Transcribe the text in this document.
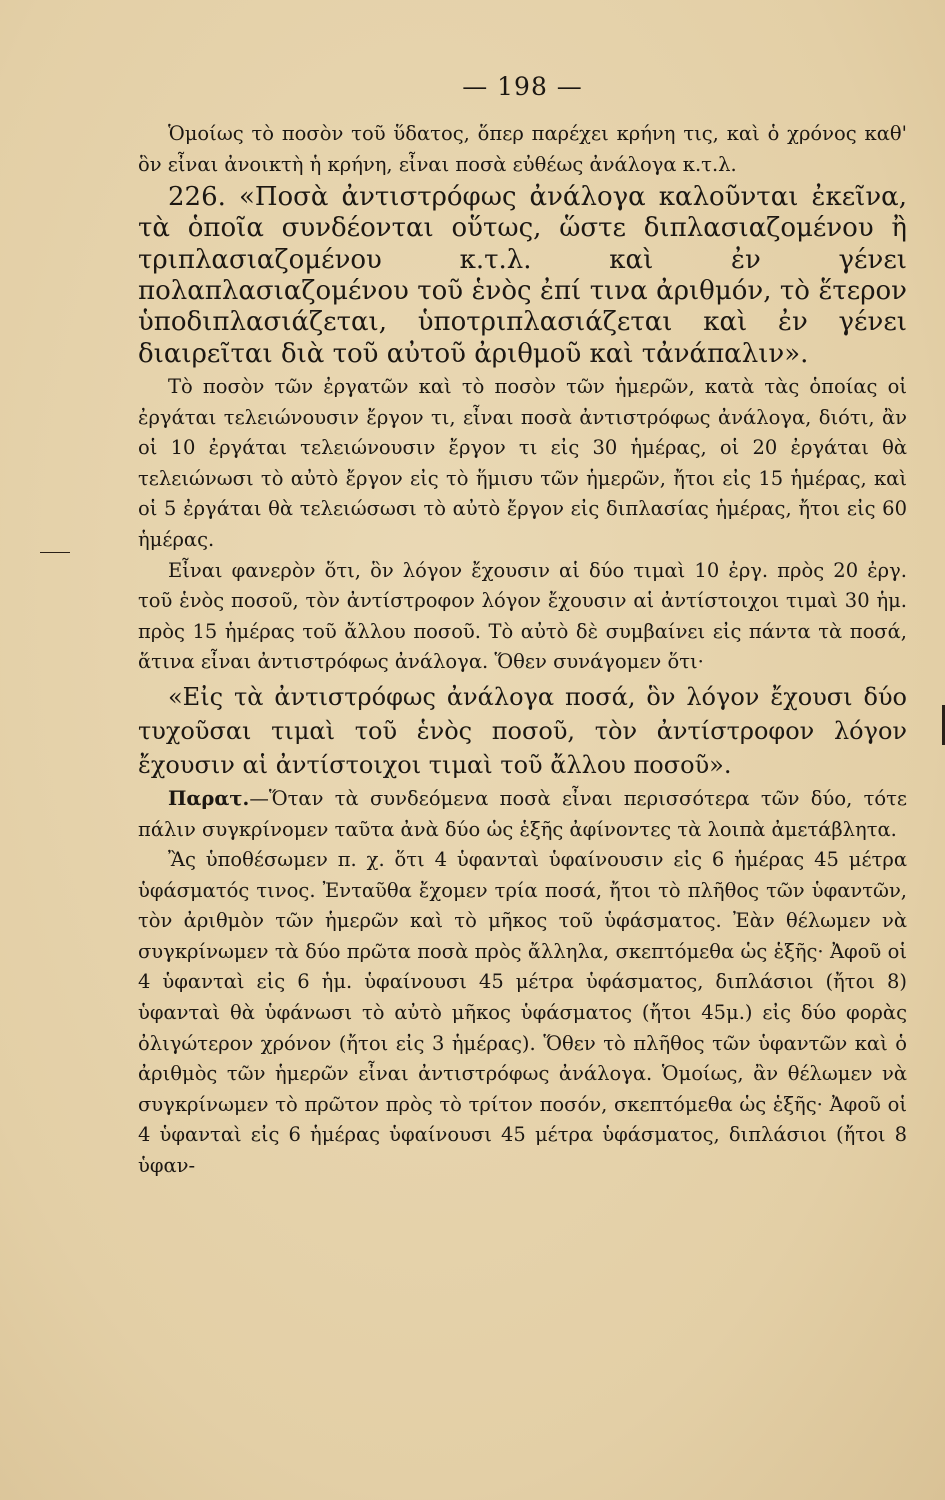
— 198 —

Ὁμοίως τὸ ποσὸν τοῦ ὕδατος, ὅπερ παρέχει κρήνη τις, καὶ ὁ χρόνος καθ' ὃν εἶναι ἀνοικτὴ ἡ κρήνη, εἶναι ποσὰ εὐθέως ἀνάλογα κ.τ.λ.

226. «Ποσὰ ἀντιστρόφως ἀνάλογα καλοῦνται ἐκεῖνα, τὰ ὁποῖα συνδέονται οὕτως, ὥστε διπλασιαζομένου ἢ τριπλασιαζομένου κ.τ.λ. καὶ ἐν γένει πολαπλασιαζομένου τοῦ ἑνὸς ἐπί τινα ἀριθμόν, τὸ ἕτερον ὑποδιπλασιάζεται, ὑποτριπλασιάζεται καὶ ἐν γένει διαιρεῖται διὰ τοῦ αὐτοῦ ἀριθμοῦ καὶ τἀνάπαλιν».

Τὸ ποσὸν τῶν ἐργατῶν καὶ τὸ ποσὸν τῶν ἡμερῶν, κατὰ τὰς ὁποίας οἱ ἐργάται τελειώνουσιν ἔργον τι, εἶναι ποσὰ ἀντιστρόφως ἀνάλογα, διότι, ἂν οἱ 10 ἐργάται τελειώνουσιν ἔργον τι εἰς 30 ἡμέρας, οἱ 20 ἐργάται θὰ τελειώνωσι τὸ αὐτὸ ἔργον εἰς τὸ ἥμισυ τῶν ἡμερῶν, ἤτοι εἰς 15 ἡμέρας, καὶ οἱ 5 ἐργάται θὰ τελειώσωσι τὸ αὐτὸ ἔργον εἰς διπλασίας ἡμέρας, ἤτοι εἰς 60 ἡμέρας.

Εἶναι φανερὸν ὅτι, ὃν λόγον ἔχουσιν αἱ δύο τιμαὶ 10 ἐργ. πρὸς 20 ἐργ. τοῦ ἑνὸς ποσοῦ, τὸν ἀντίστροφον λόγον ἔχουσιν αἱ ἀντίστοιχοι τιμαὶ 30 ἡμ. πρὸς 15 ἡμέρας τοῦ ἄλλου ποσοῦ. Τὸ αὐτὸ δὲ συμβαίνει εἰς πάντα τὰ ποσά, ἅτινα εἶναι ἀντιστρόφως ἀνάλογα. Ὅθεν συνάγομεν ὅτι·

«Εἰς τὰ ἀντιστρόφως ἀνάλογα ποσά, ὃν λόγον ἔχουσι δύο τυχοῦσαι τιμαὶ τοῦ ἑνὸς ποσοῦ, τὸν ἀντίστροφον λόγον ἔχουσιν αἱ ἀντίστοιχοι τιμαὶ τοῦ ἄλλου ποσοῦ».

Παρατ.—Ὅταν τὰ συνδεόμενα ποσὰ εἶναι περισσότερα τῶν δύο, τότε πάλιν συγκρίνομεν ταῦτα ἀνὰ δύο ὡς ἑξῆς ἀφίνοντες τὰ λοιπὰ ἀμετάβλητα.

Ἂς ὑποθέσωμεν π. χ. ὅτι 4 ὑφανταὶ ὑφαίνουσιν εἰς 6 ἡμέρας 45 μέτρα ὑφάσματός τινος. Ἐνταῦθα ἔχομεν τρία ποσά, ἤτοι τὸ πλῆθος τῶν ὑφαντῶν, τὸν ἀριθμὸν τῶν ἡμερῶν καὶ τὸ μῆκος τοῦ ὑφάσματος. Ἐὰν θέλωμεν νὰ συγκρίνωμεν τὰ δύο πρῶτα ποσὰ πρὸς ἄλληλα, σκεπτόμεθα ὡς ἑξῆς· Ἀφοῦ οἱ 4 ὑφανταὶ εἰς 6 ἡμ. ὑφαίνουσι 45 μέτρα ὑφάσματος, διπλάσιοι (ἤτοι 8) ὑφανταὶ θὰ ὑφάνωσι τὸ αὐτὸ μῆκος ὑφάσματος (ἤτοι 45μ.) εἰς δύο φορὰς ὀλιγώτερον χρόνον (ἤτοι εἰς 3 ἡμέρας). Ὅθεν τὸ πλῆθος τῶν ὑφαντῶν καὶ ὁ ἀριθμὸς τῶν ἡμερῶν εἶναι ἀντιστρόφως ἀνάλογα. Ὁμοίως, ἂν θέλωμεν νὰ συγκρίνωμεν τὸ πρῶτον πρὸς τὸ τρίτον ποσόν, σκεπτόμεθα ὡς ἑξῆς· Ἀφοῦ οἱ 4 ὑφανταὶ εἰς 6 ἡμέρας ὑφαίνουσι 45 μέτρα ὑφάσματος, διπλάσιοι (ἤτοι 8 ὑφαν-
